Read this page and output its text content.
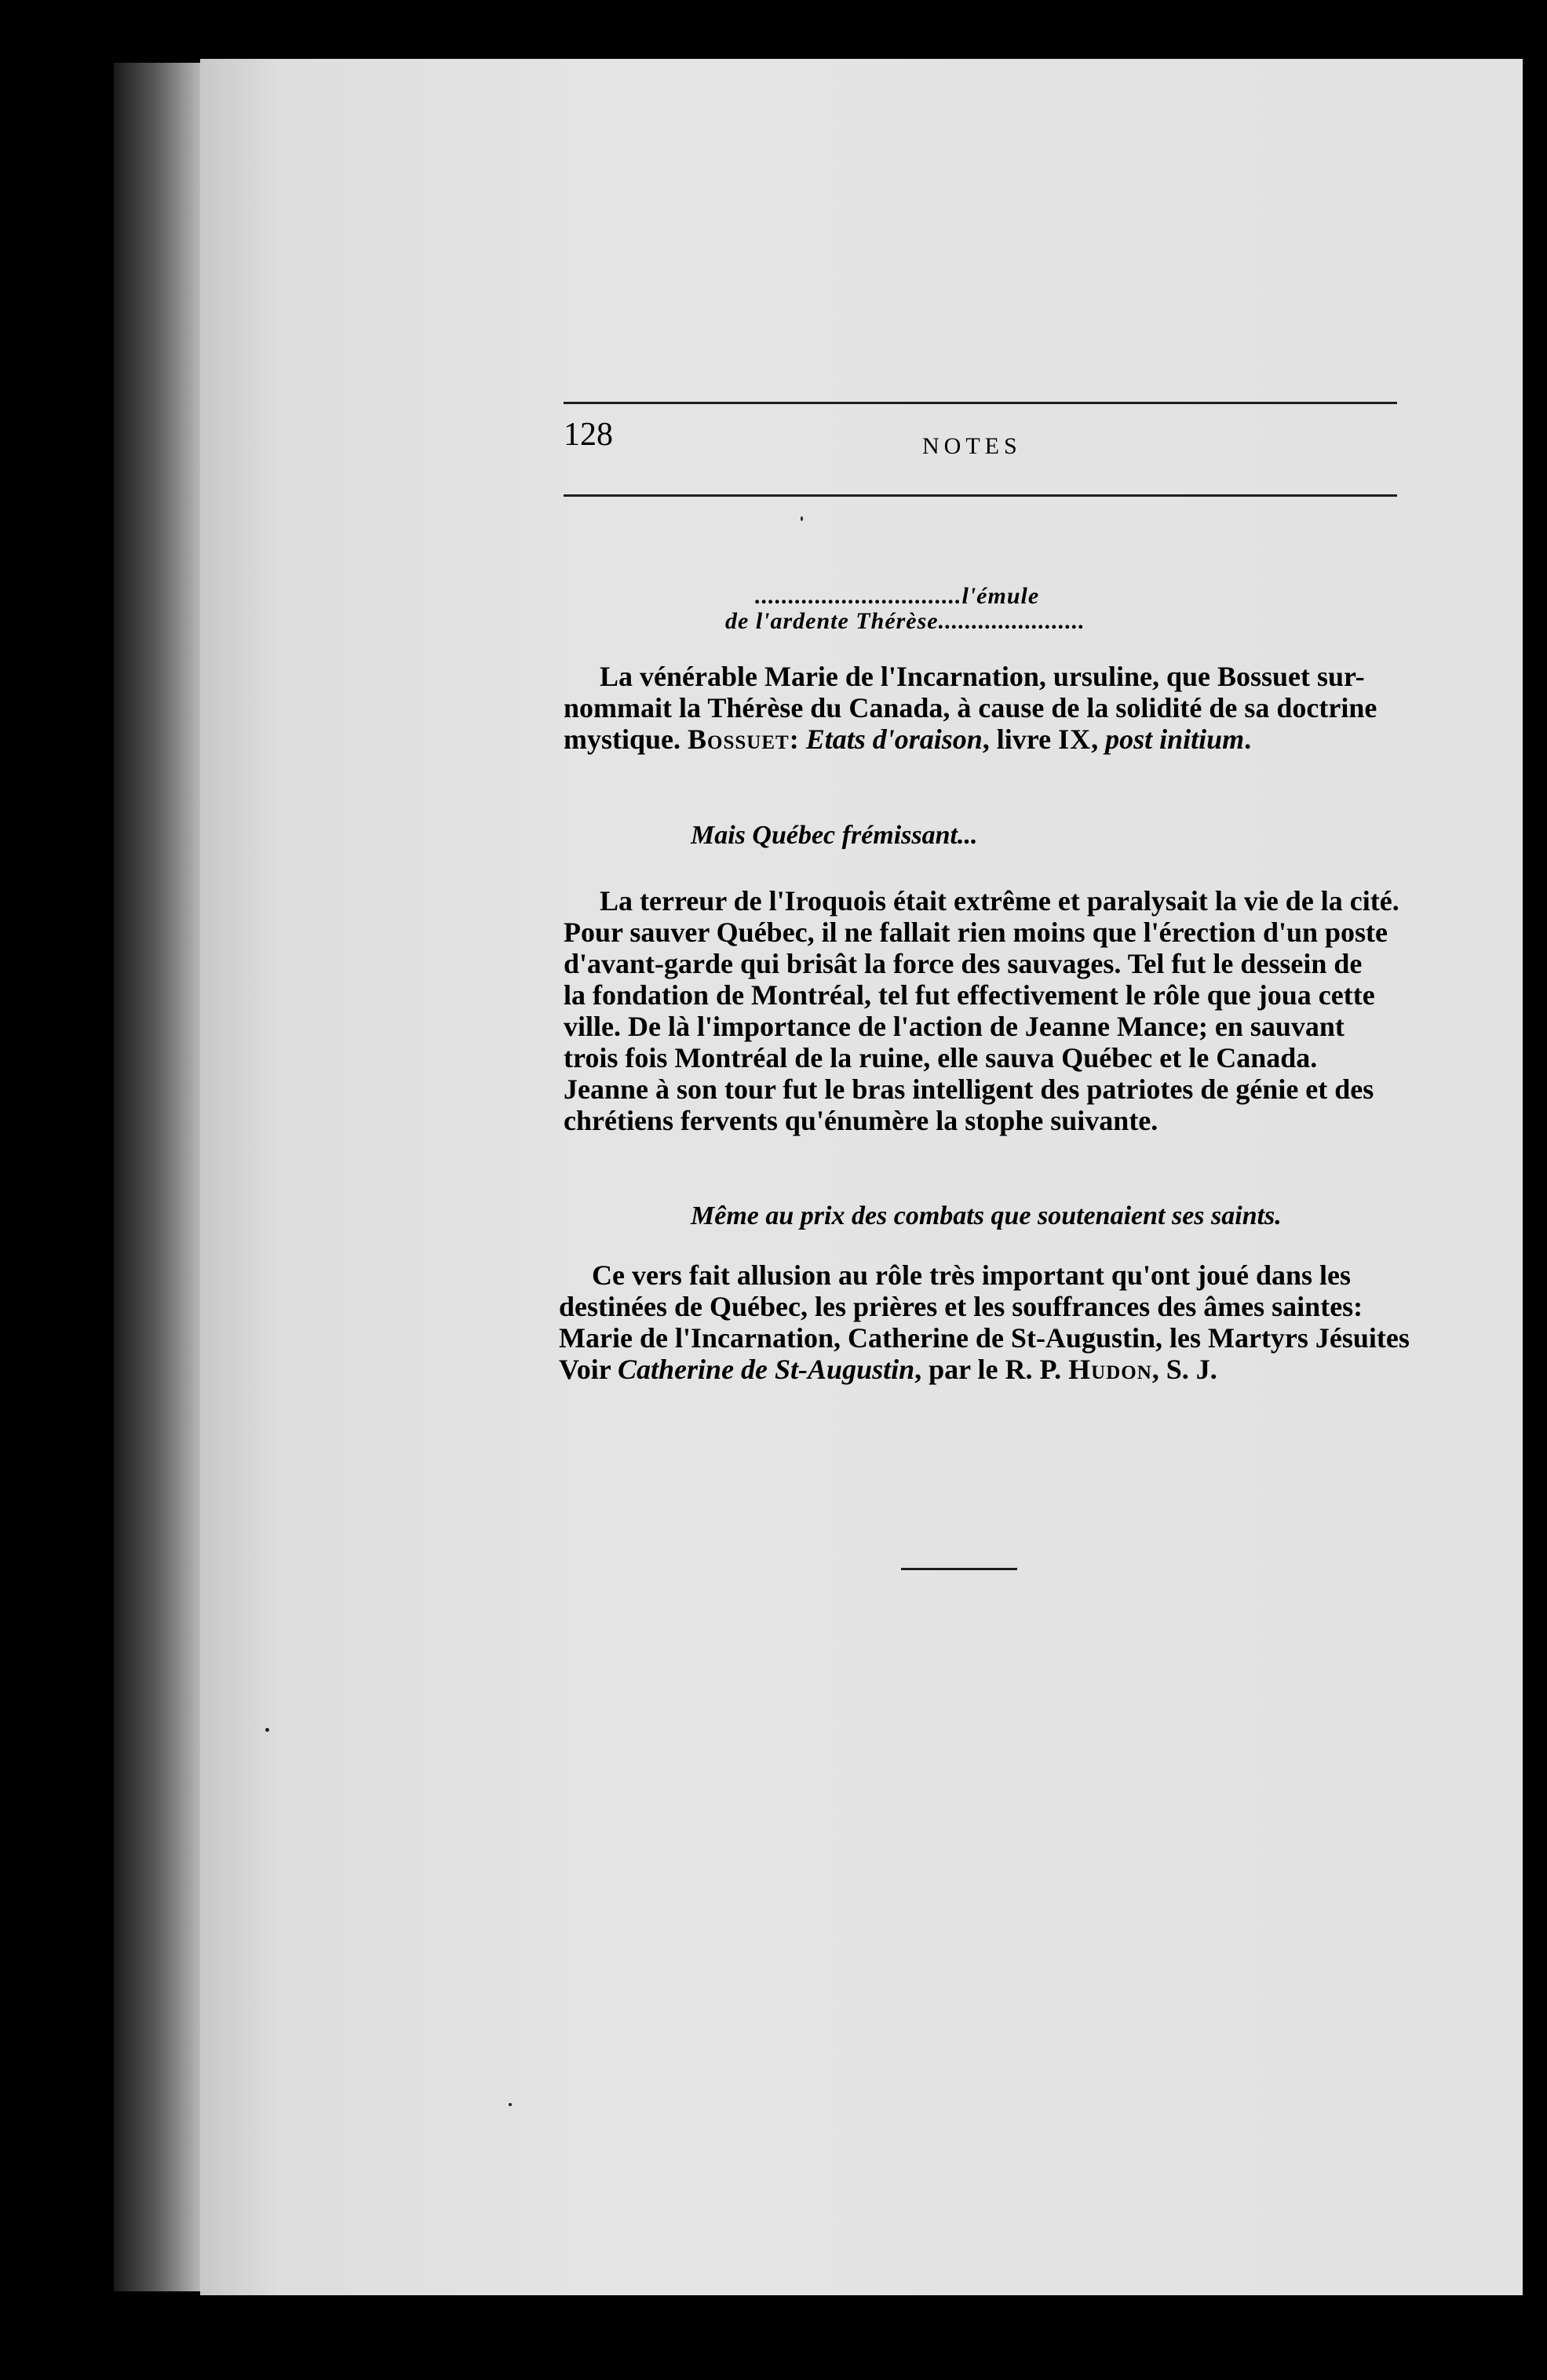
128	NOTES
...............................l'émule
de l'ardente Thérèse......................
La vénérable Marie de l'Incarnation, ursuline, que Bossuet sur-
nommait la Thérèse du Canada, à cause de la solidité de sa doctrine
mystique. Bossuet: Etats d'oraison, livre IX, post initium.
Mais Québec frémissant...
La terreur de l'Iroquois était extrême et paralysait la vie de la cité.
Pour sauver Québec, il ne fallait rien moins que l'érection d'un poste
d'avant-garde qui brisât la force des sauvages. Tel fut le dessein de
la fondation de Montréal, tel fut effectivement le rôle que joua cette
ville. De là l'importance de l'action de Jeanne Mance; en sauvant
trois fois Montréal de la ruine, elle sauva Québec et le Canada.
Jeanne à son tour fut le bras intelligent des patriotes de génie et des
chrétiens fervents qu'énumère la stophe suivante.
Même au prix des combats que soutenaient ses saints.
Ce vers fait allusion au rôle très important qu'ont joué dans les
destinées de Québec, les prières et les souffrances des âmes saintes:
Marie de l'Incarnation, Catherine de St-Augustin, les Martyrs Jésuites
Voir Catherine de St-Augustin, par le R. P. Hudon, S. J.
